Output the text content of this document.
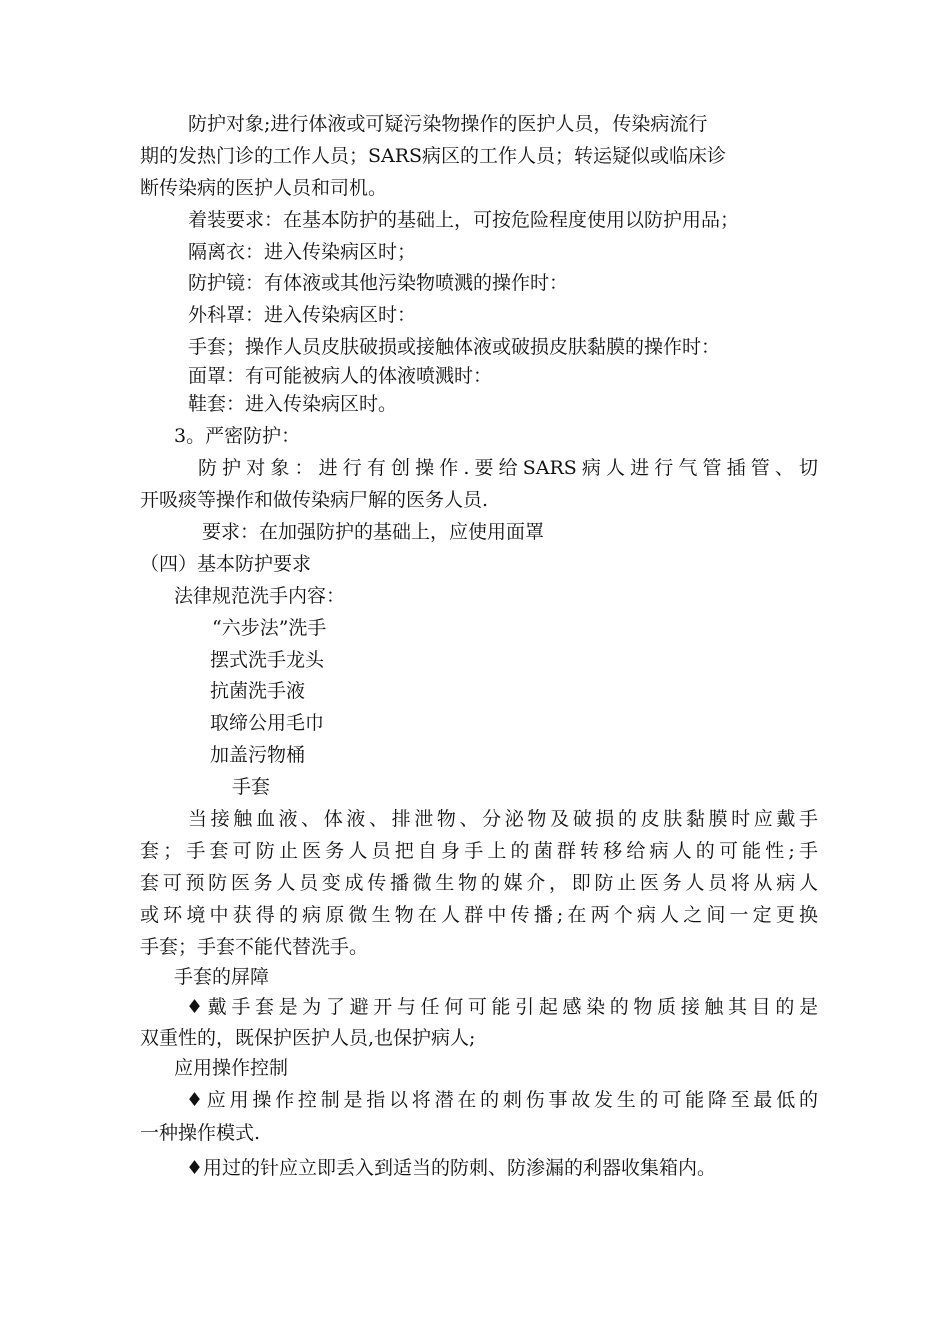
防护对象;进行体液或可疑污染物操作的医护人员，传染病流行

期的发热门诊的工作人员；SARS病区的工作人员；转运疑似或临床诊

断传染病的医护人员和司机。

着装要求：在基本防护的基础上，可按危险程度使用以防护用品；

隔离衣：进入传染病区时；

防护镜：有体液或其他污染物喷溅的操作时：

外科罩：进入传染病区时：

手套；操作人员皮肤破损或接触体液或破损皮肤黏膜的操作时：

面罩：有可能被病人的体液喷溅时：

鞋套：进入传染病区时。

3。严密防护：

防护对象：进行有创操作.要给SARS病人进行气管插管、切

开吸痰等操作和做传染病尸解的医务人员.

要求：在加强防护的基础上，应使用面罩

（四）基本防护要求

法律规范洗手内容：

“六步法”洗手

摆式洗手龙头

抗菌洗手液

取缔公用毛巾

加盖污物桶

手套

当接触血液、体液、排泄物、分泌物及破损的皮肤黏膜时应戴手

套；手套可防止医务人员把自身手上的菌群转移给病人的可能性;手

套可预防医务人员变成传播微生物的媒介，即防止医务人员将从病人

或环境中获得的病原微生物在人群中传播;在两个病人之间一定更换

手套；手套不能代替洗手。

手套的屏障

♦戴手套是为了避开与任何可能引起感染的物质接触其目的是

双重性的，既保护医护人员,也保护病人;

应用操作控制

♦应用操作控制是指以将潜在的刺伤事故发生的可能降至最低的

一种操作模式.

♦用过的针应立即丢入到适当的防刺、防渗漏的利器收集箱内。
